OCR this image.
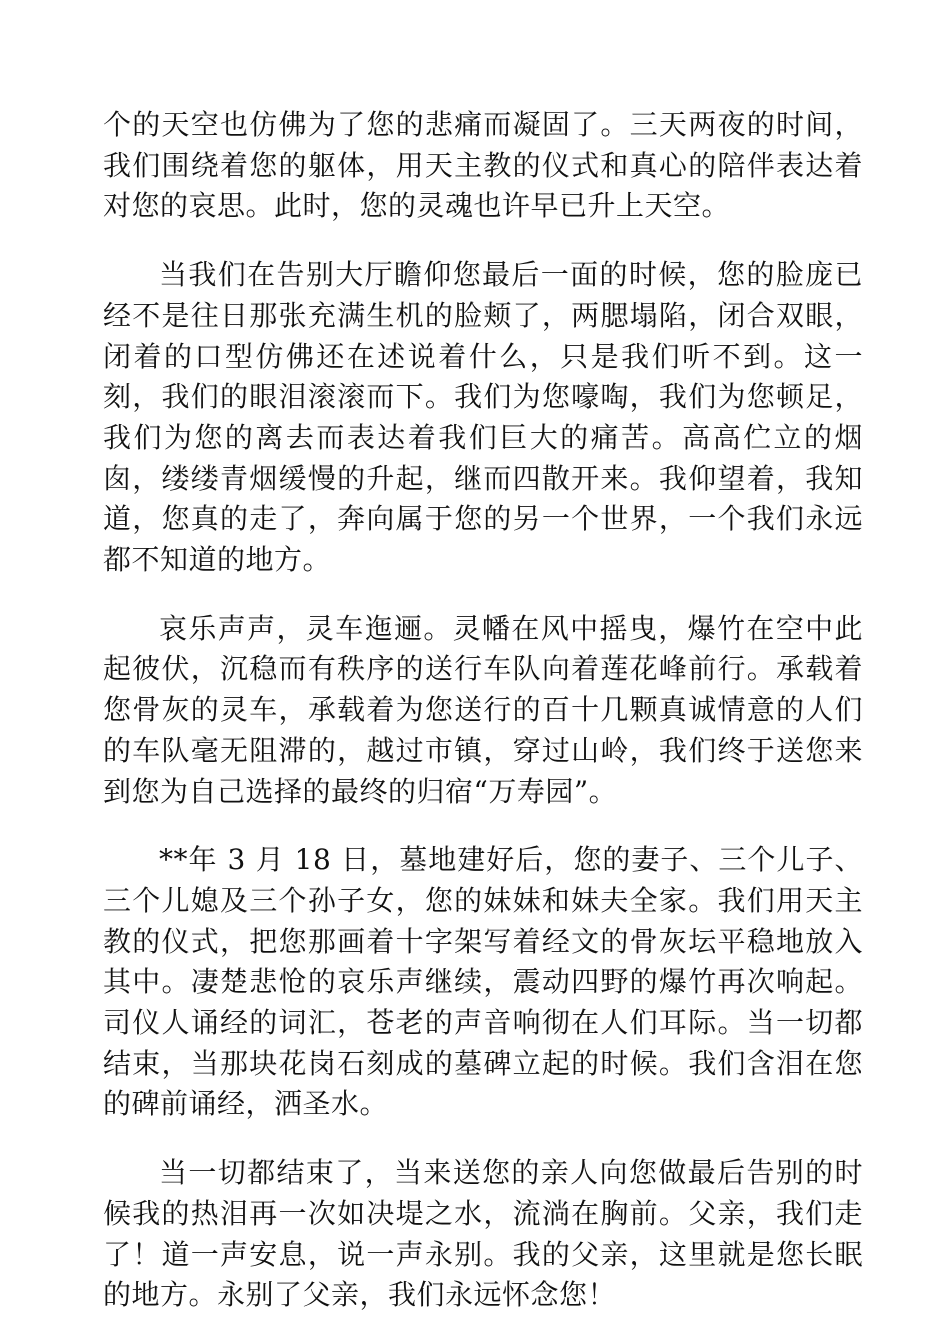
个的天空也仿佛为了您的悲痛而凝固了。三天两夜的时间，我们围绕着您的躯体，用天主教的仪式和真心的陪伴表达着对您的哀思。此时，您的灵魂也许早已升上天空。

当我们在告别大厅瞻仰您最后一面的时候，您的脸庞已经不是往日那张充满生机的脸颊了，两腮塌陷，闭合双眼，闭着的口型仿佛还在述说着什么，只是我们听不到。这一刻，我们的眼泪滚滚而下。我们为您嚎啕，我们为您顿足，我们为您的离去而表达着我们巨大的痛苦。高高伫立的烟囱，缕缕青烟缓慢的升起，继而四散开来。我仰望着，我知道，您真的走了，奔向属于您的另一个世界，一个我们永远都不知道的地方。

哀乐声声，灵车迤逦。灵幡在风中摇曳，爆竹在空中此起彼伏，沉稳而有秩序的送行车队向着莲花峰前行。承载着您骨灰的灵车，承载着为您送行的百十几颗真诚情意的人们的车队毫无阻滞的，越过市镇，穿过山岭，我们终于送您来到您为自己选择的最终的归宿“万寿园”。

**年 3 月 18 日，墓地建好后，您的妻子、三个儿子、三个儿媳及三个孙子女，您的妹妹和妹夫全家。我们用天主教的仪式，把您那画着十字架写着经文的骨灰坛平稳地放入其中。凄楚悲怆的哀乐声继续，震动四野的爆竹再次响起。司仪人诵经的词汇，苍老的声音响彻在人们耳际。当一切都结束，当那块花岗石刻成的墓碑立起的时候。我们含泪在您的碑前诵经，洒圣水。

当一切都结束了，当来送您的亲人向您做最后告别的时候我的热泪再一次如决堤之水，流淌在胸前。父亲，我们走了！道一声安息，说一声永别。我的父亲，这里就是您长眠的地方。永别了父亲，我们永远怀念您！
